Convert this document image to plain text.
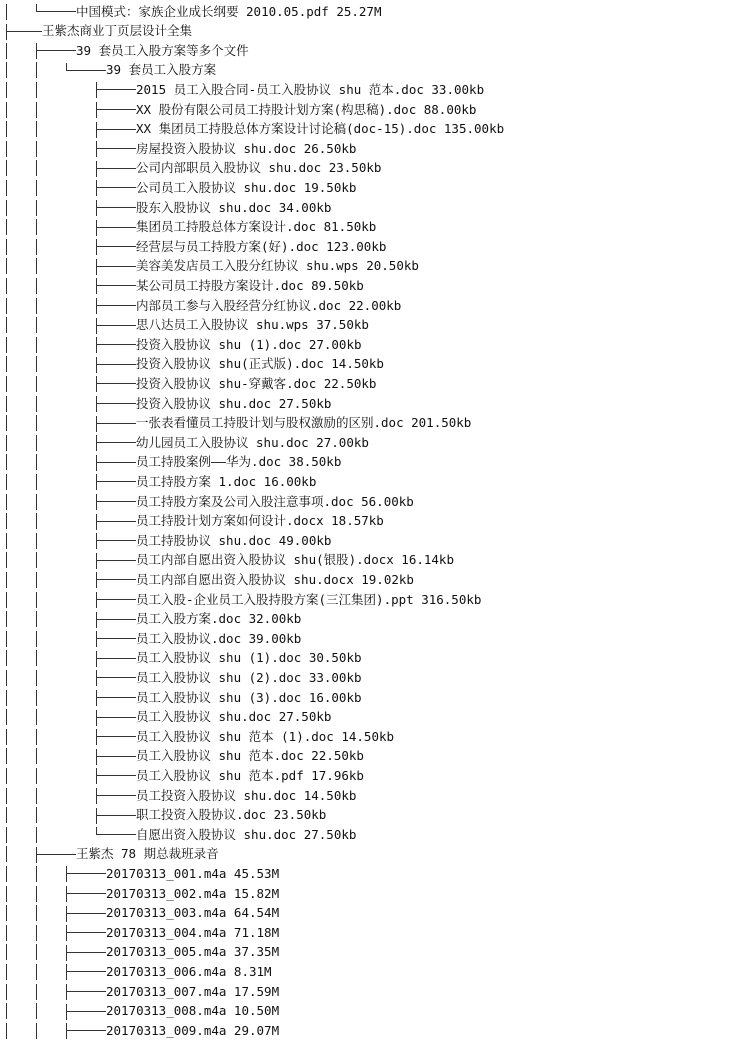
中国模式：家族企业成长纲要 2010.05.pdf 25.27M
王紫杰商业丁页层设计全集
39 套员工入股方案等多个文件
39 套员工入股方案
2015 员工入股合同-员工入股协议 shu 范本.doc 33.00kb
XX 股份有限公司员工持股计划方案(构思稿).doc 88.00kb
XX 集团员工持股总体方案设计讨论稿(doc-15).doc 135.00kb
房屋投资入股协议 shu.doc 26.50kb
公司内部职员入股协议 shu.doc 23.50kb
公司员工入股协议 shu.doc 19.50kb
股东入股协议 shu.doc 34.00kb
集团员工持股总体方案设计.doc 81.50kb
经营层与员工持股方案(好).doc 123.00kb
美容美发店员工入股分红协议 shu.wps 20.50kb
某公司员工持股方案设计.doc 89.50kb
内部员工参与入股经营分红协议.doc 22.00kb
思八达员工入股协议 shu.wps 37.50kb
投资入股协议 shu (1).doc 27.00kb
投资入股协议 shu(正式版).doc 14.50kb
投资入股协议 shu-穿戴客.doc 22.50kb
投资入股协议 shu.doc 27.50kb
一张表看懂员工持股计划与股权激励的区别.doc 201.50kb
幼儿园员工入股协议 shu.doc 27.00kb
员工持股案例——华为.doc 38.50kb
员工持股方案 1.doc 16.00kb
员工持股方案及公司入股注意事项.doc 56.00kb
员工持股计划方案如何设计.docx 18.57kb
员工持股协议 shu.doc 49.00kb
员工内部自愿出资入股协议 shu(银股).docx 16.14kb
员工内部自愿出资入股协议 shu.docx 19.02kb
员工入股-企业员工入股持股方案(三江集团).ppt 316.50kb
员工入股方案.doc 32.00kb
员工入股协议.doc 39.00kb
员工入股协议 shu (1).doc 30.50kb
员工入股协议 shu (2).doc 33.00kb
员工入股协议 shu (3).doc 16.00kb
员工入股协议 shu.doc 27.50kb
员工入股协议 shu 范本 (1).doc 14.50kb
员工入股协议 shu 范本.doc 22.50kb
员工入股协议 shu 范本.pdf 17.96kb
员工投资入股协议 shu.doc 14.50kb
职工投资入股协议.doc 23.50kb
自愿出资入股协议 shu.doc 27.50kb
王紫杰 78 期总裁班录音
20170313_001.m4a 45.53M
20170313_002.m4a 15.82M
20170313_003.m4a 64.54M
20170313_004.m4a 71.18M
20170313_005.m4a 37.35M
20170313_006.m4a 8.31M
20170313_007.m4a 17.59M
20170313_008.m4a 10.50M
20170313_009.m4a 29.07M
